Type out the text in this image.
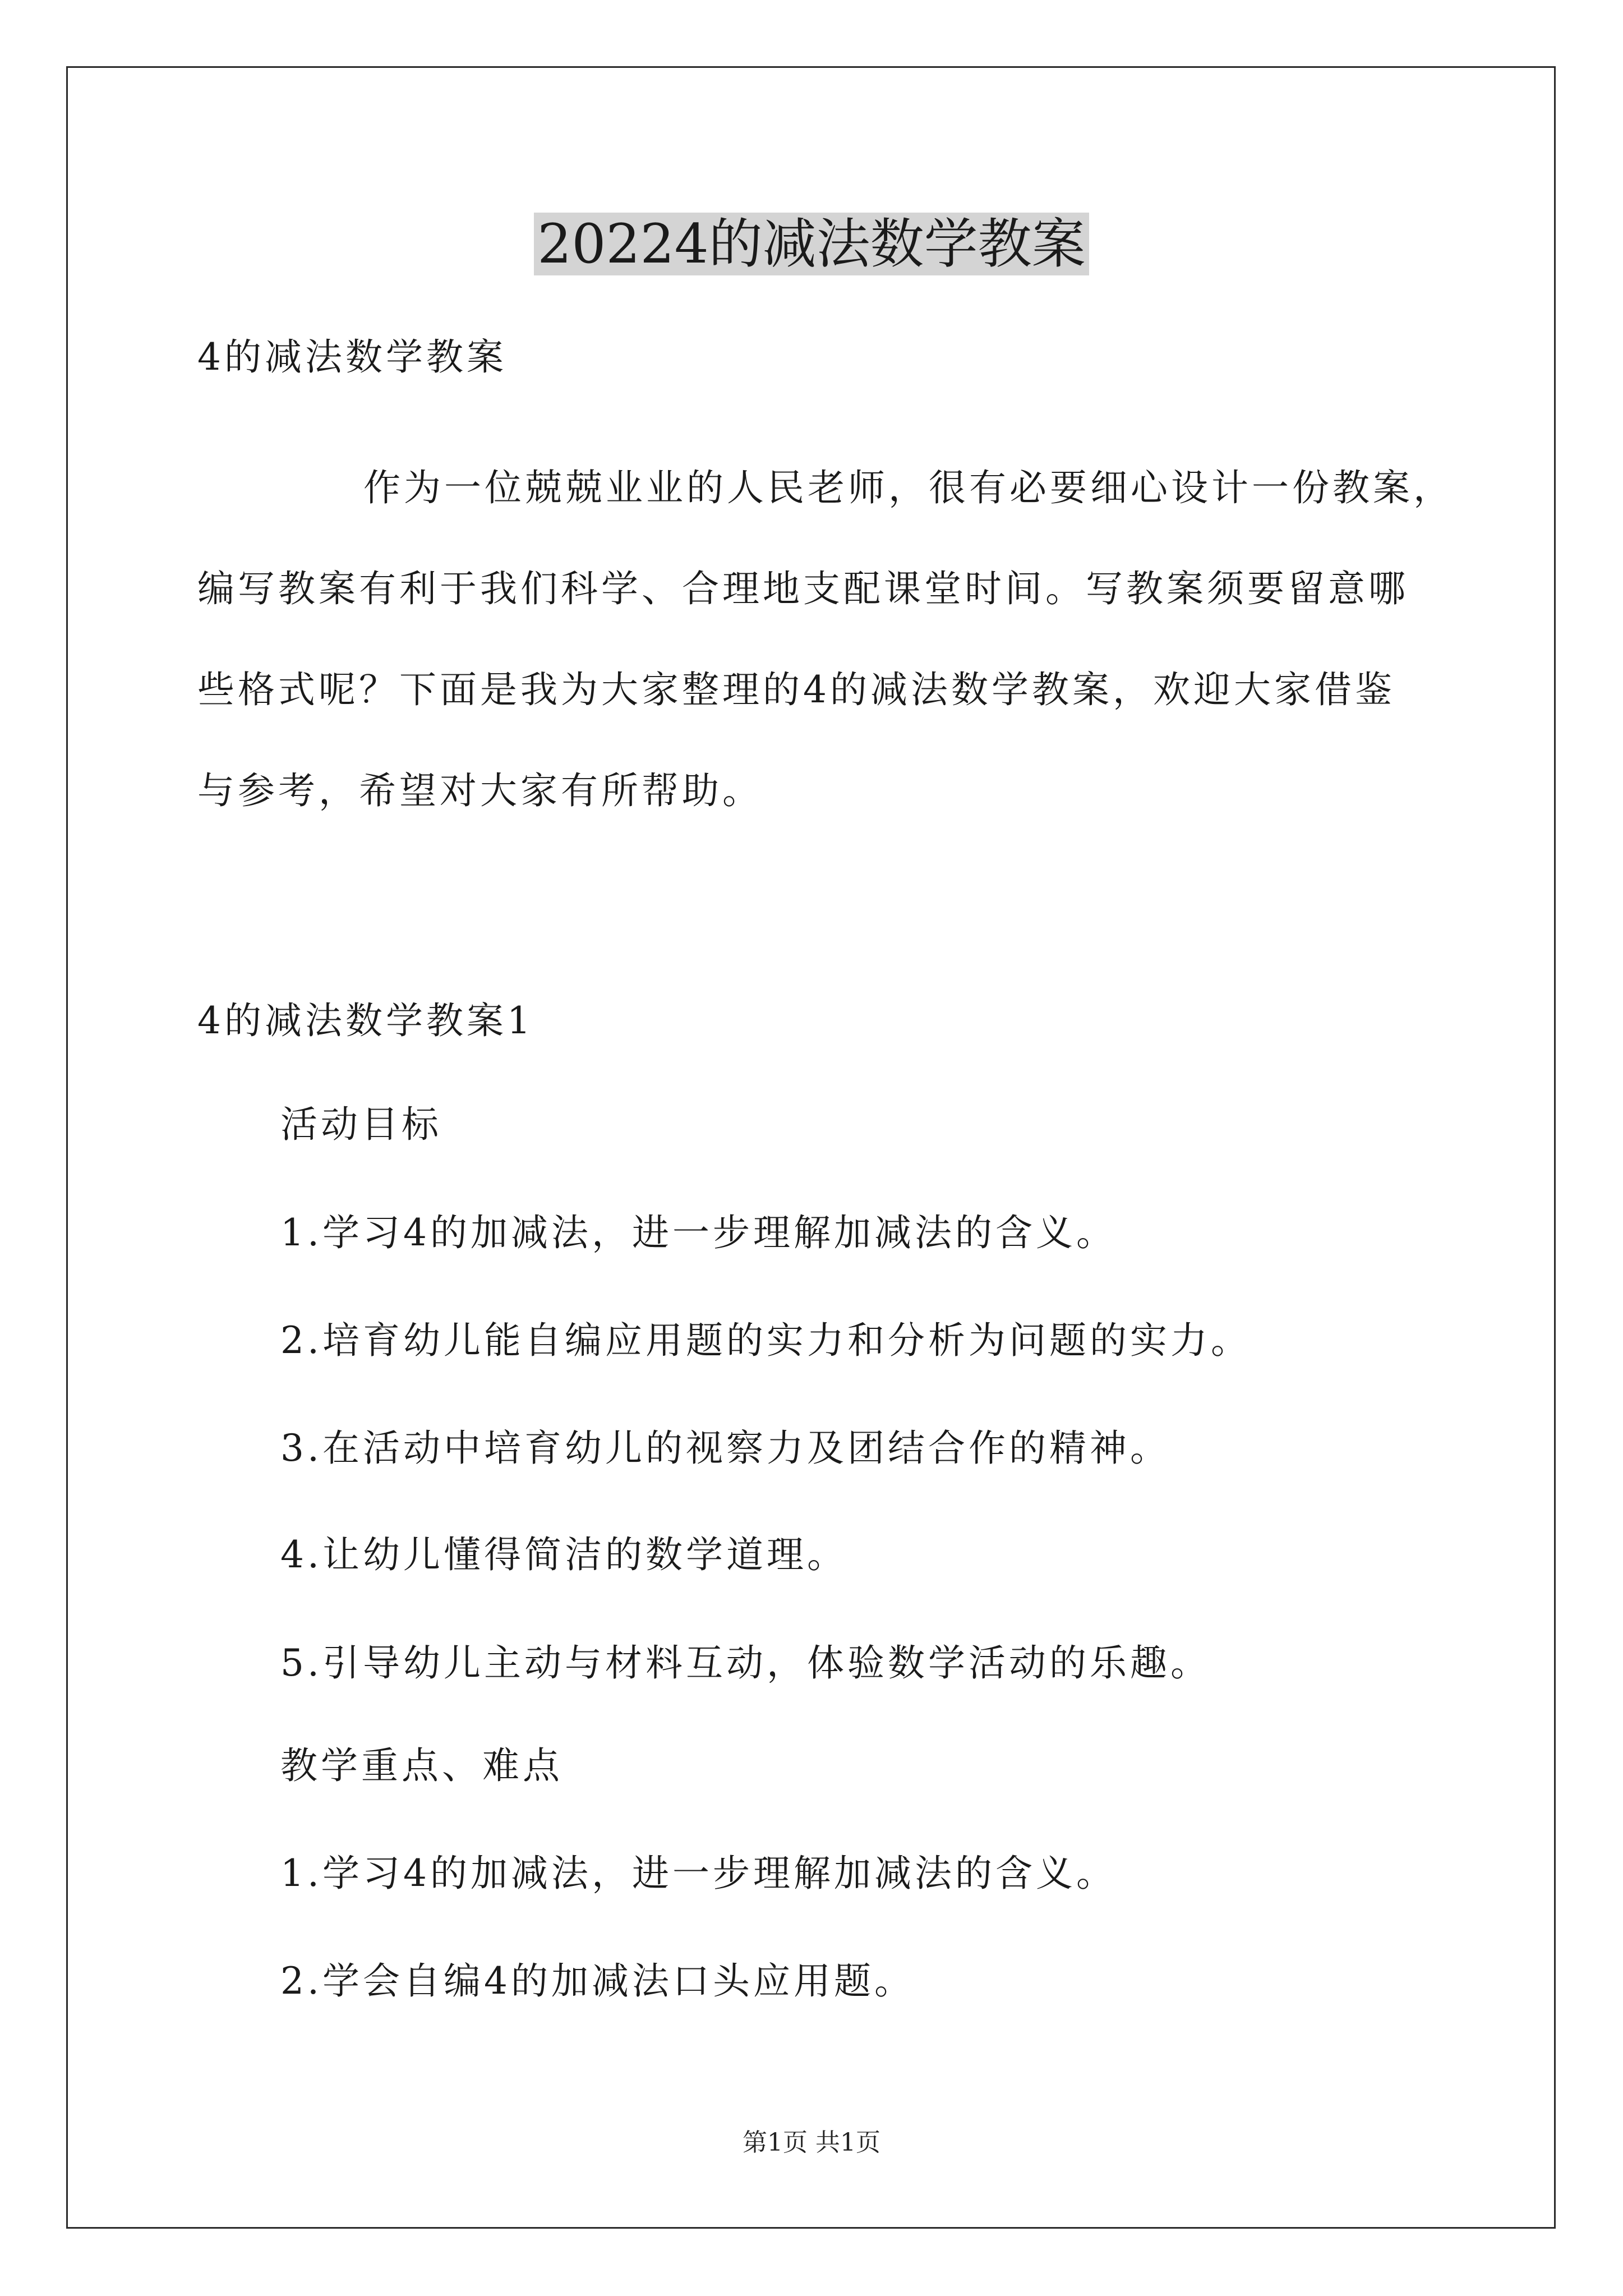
20224的减法数学教案
4的减法数学教案
作为一位兢兢业业的人民老师，很有必要细心设计一份教案，
编写教案有利于我们科学、合理地支配课堂时间。写教案须要留意哪
些格式呢？下面是我为大家整理的4的减法数学教案，欢迎大家借鉴
与参考，希望对大家有所帮助。
4的减法数学教案1
活动目标
1.学习4的加减法，进一步理解加减法的含义。
2.培育幼儿能自编应用题的实力和分析为问题的实力。
3.在活动中培育幼儿的视察力及团结合作的精神。
4.让幼儿懂得简洁的数学道理。
5.引导幼儿主动与材料互动，体验数学活动的乐趣。
教学重点、难点
1.学习4的加减法，进一步理解加减法的含义。
2.学会自编4的加减法口头应用题。
第1页 共1页
